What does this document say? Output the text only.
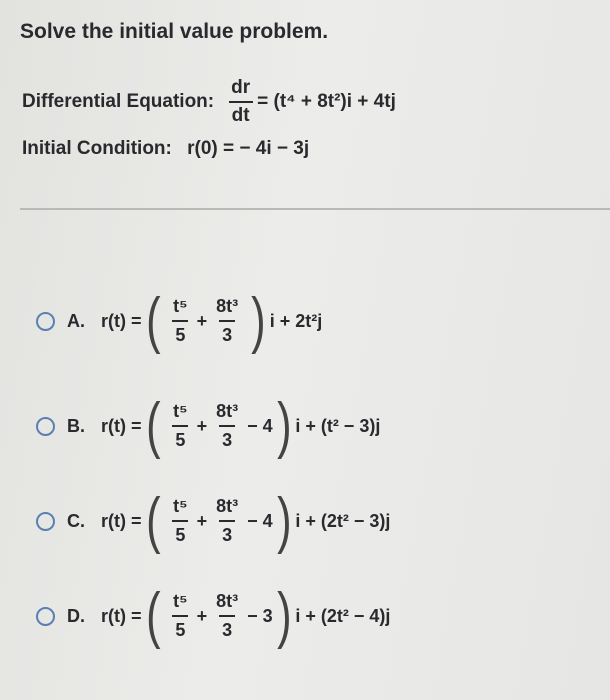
Solve the initial value problem.
Differential Equation: $\frac{dr}{dt} = (t^4 + 8t^2)i + 4tj$
Initial Condition: r(0) = − 4i − 3j
A. r(t) = ( $\frac{\text{t⁵}}{5} + \frac{\text{8t³}}{3}$ ) i + 2t²j
B. r(t) = ( $\frac{\text{t⁵}}{5} + \frac{\text{8t³}}{3} - 4$ ) i + (t² − 3)j
C. r(t) = ( $\frac{\text{t⁵}}{5} + \frac{\text{8t³}}{3} - 4$ ) i + (2t² − 3)j
D. r(t) = ( $\frac{\text{t⁵}}{5} + \frac{\text{8t³}}{3} - 3$ ) i + (2t² − 4)j
